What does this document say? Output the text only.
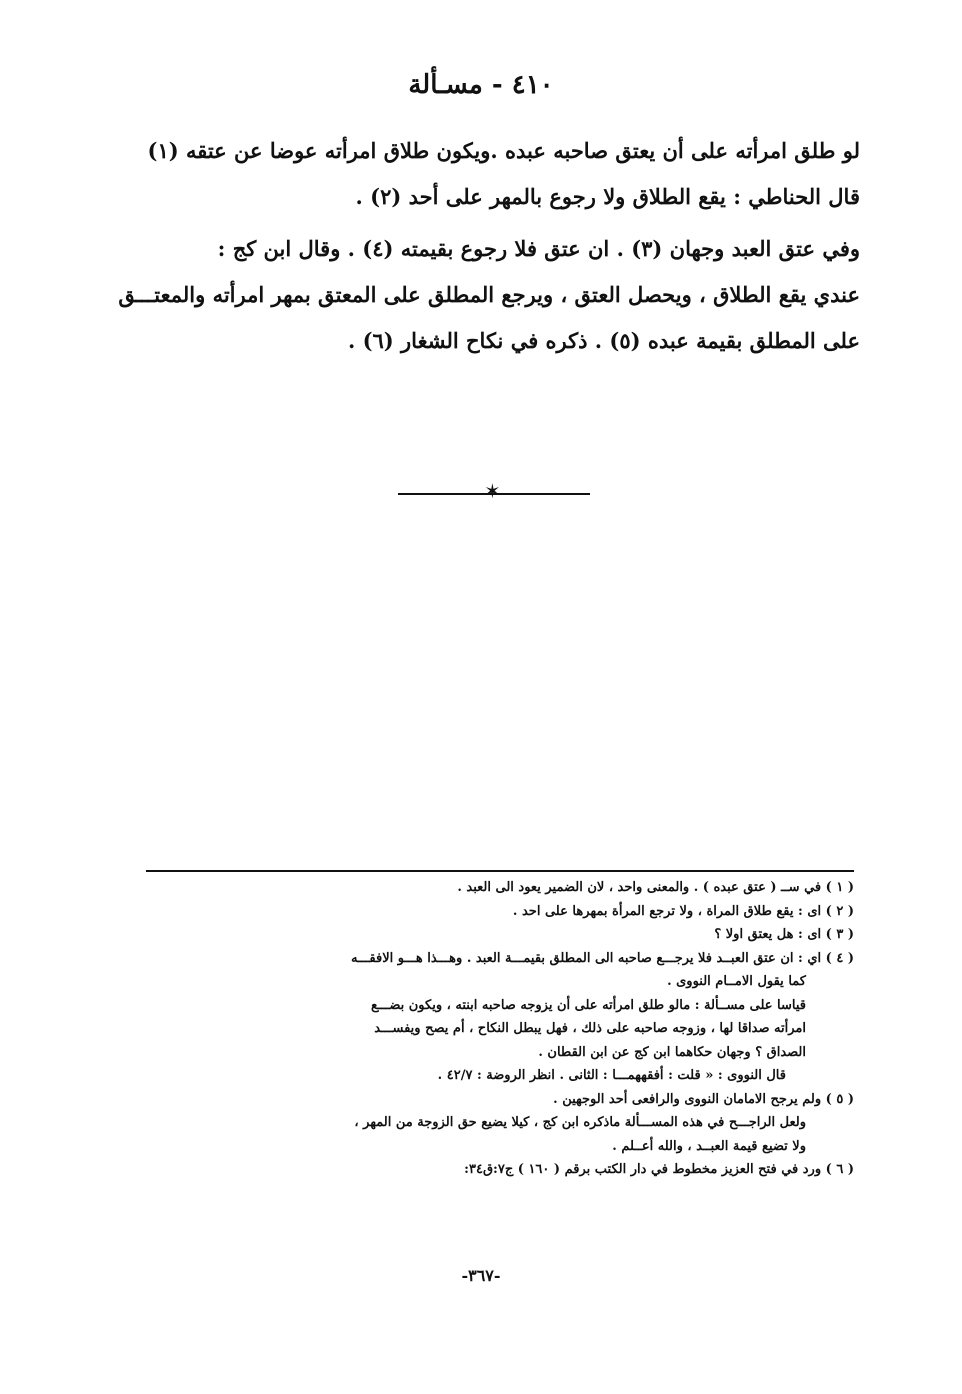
٤١٠ - مسـألة
لو طلق امرأته على أن يعتق صاحبه عبده .ويكون طلاق امرأته عوضا عن عتقه (١)
قال الحناطي : يقع الطلاق ولا رجوع بالمهر على أحد (٢) .
وفي عتق العبد وجهان (٣) . ان عتق فلا رجوع بقيمته (٤) . وقال ابن كج :
عندي يقع الطلاق ، ويحصل العتق ، ويرجع المطلق على المعتق بمهر امرأته والمعتـــق
على المطلق بقيمة عبده (٥) . ذكره في نكاح الشغار (٦) .
✶
( ١ ) في ســ ( عتق عبده ) . والمعنى واحد ، لان الضمير يعود الى العبد .
( ٢ ) اى : يقع طلاق المراة ، ولا ترجع المرأة بمهرها على احد .
( ٣ ) اى : هل يعتق اولا ؟
( ٤ ) اي : ان عتق العبــد فلا يرجـــع صاحبه الى المطلق بقيمـــة العبد . وهـــذا هـــو الافقـــه
كما يقول الامــام النووى .
قياسا على مســألة : مالو طلق امرأته على أن يزوجه صاحبه ابنته ، ويكون بضـــع
امرأته صداقا لها ، وزوجه صاحبه على ذلك ، فهل يبطل النكاح ، أم يصح ويفســـد
الصداق ؟ وجهان حكاهما ابن كج عن ابن القطان .
قال النووى : « قلت : أفقههمـــا : الثانى . انظر الروضة : ٤٢/٧ .
( ٥ ) ولم يرجح الامامان النووى والرافعى أحد الوجهين .
ولعل الراجـــح في هذه المســـألة ماذكره ابن كج ، كيلا يضيع حق الزوجة من المهر ،
ولا تضيع قيمة العبــد ، والله أعــلم .
( ٦ ) ورد في فتح العزيز مخطوط في دار الكتب برقم ( ١٦٠ ) ج٧:ق٣٤:
-٣٦٧-
